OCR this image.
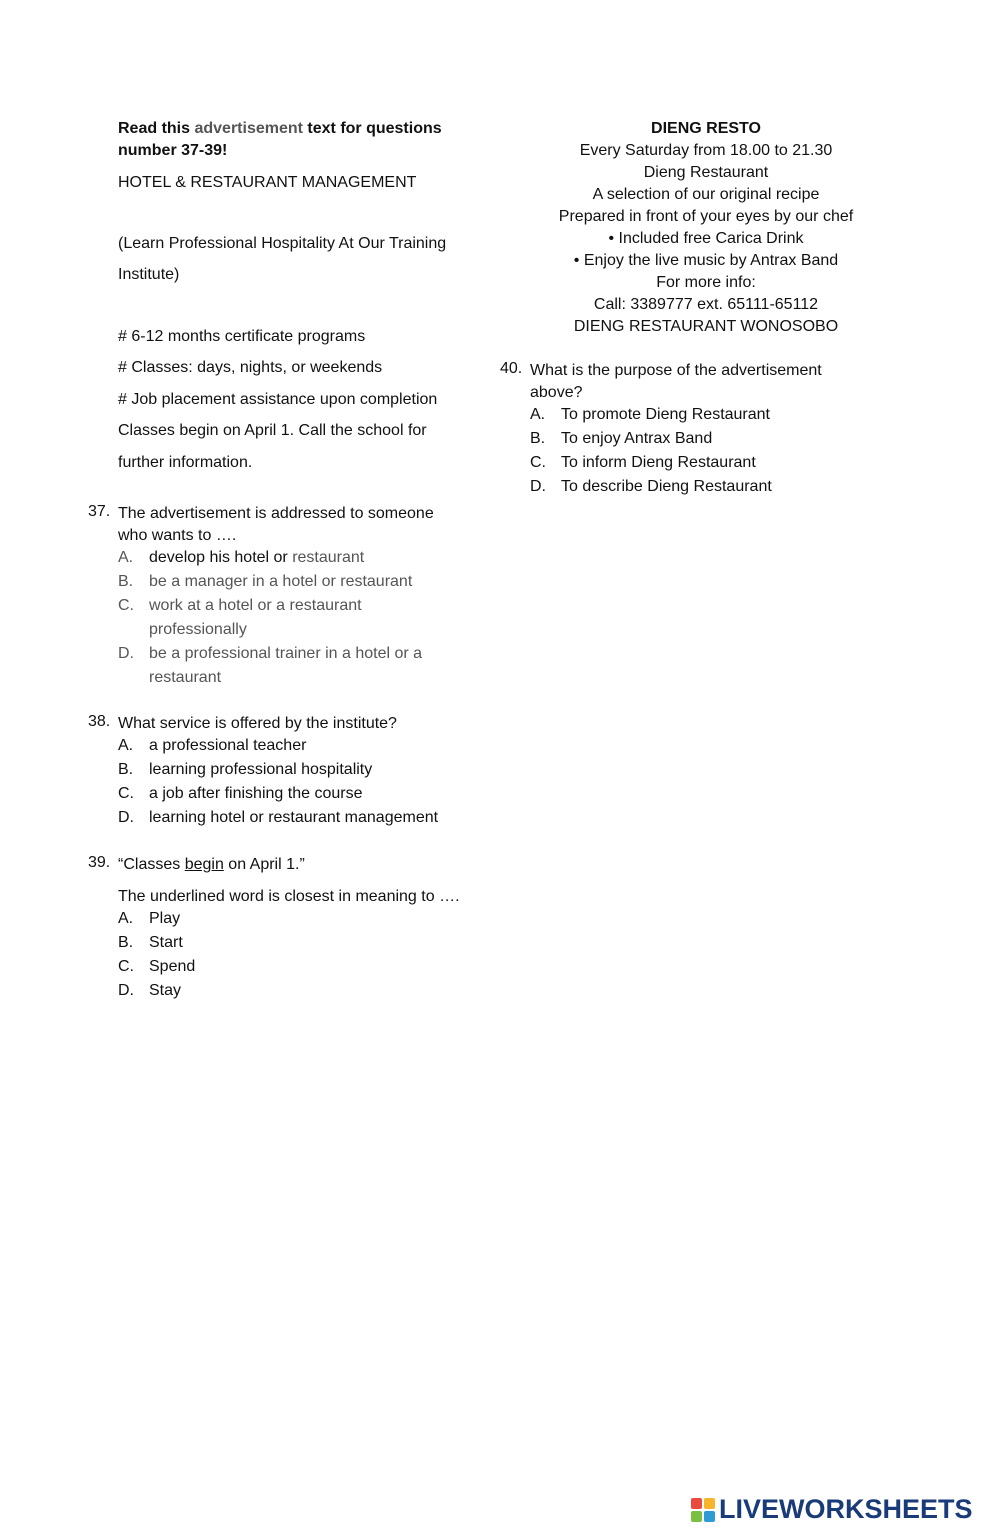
Read this advertisement text for questions
number 37-39!
HOTEL & RESTAURANT MANAGEMENT
(Learn Professional Hospitality At Our Training
Institute)
# 6-12 months certificate programs
# Classes: days, nights, or weekends
# Job placement assistance upon completion
Classes begin on April 1. Call the school for
further information.
37. The advertisement is addressed to someone
who wants to ….
A. develop his hotel or restaurant
B. be a manager in a hotel or restaurant
C. work at a hotel or a restaurant
professionally
D. be a professional trainer in a hotel or a
restaurant
38. What service is offered by the institute?
A. a professional teacher
B. learning professional hospitality
C. a job after finishing the course
D. learning hotel or restaurant management
39. “Classes begin on April 1.”
The underlined word is closest in meaning to ….
A. Play
B. Start
C. Spend
D. Stay
DIENG RESTO
Every Saturday from 18.00 to 21.30
Dieng Restaurant
A selection of our original recipe
Prepared in front of your eyes by our chef
• Included free Carica Drink
• Enjoy the live music by Antrax Band
For more info:
Call: 3389777 ext. 65111-65112
DIENG RESTAURANT WONOSOBO
40. What is the purpose of the advertisement
above?
A. To promote Dieng Restaurant
B. To enjoy Antrax Band
C. To inform Dieng Restaurant
D. To describe Dieng Restaurant
LIVEWORKSHEETS
